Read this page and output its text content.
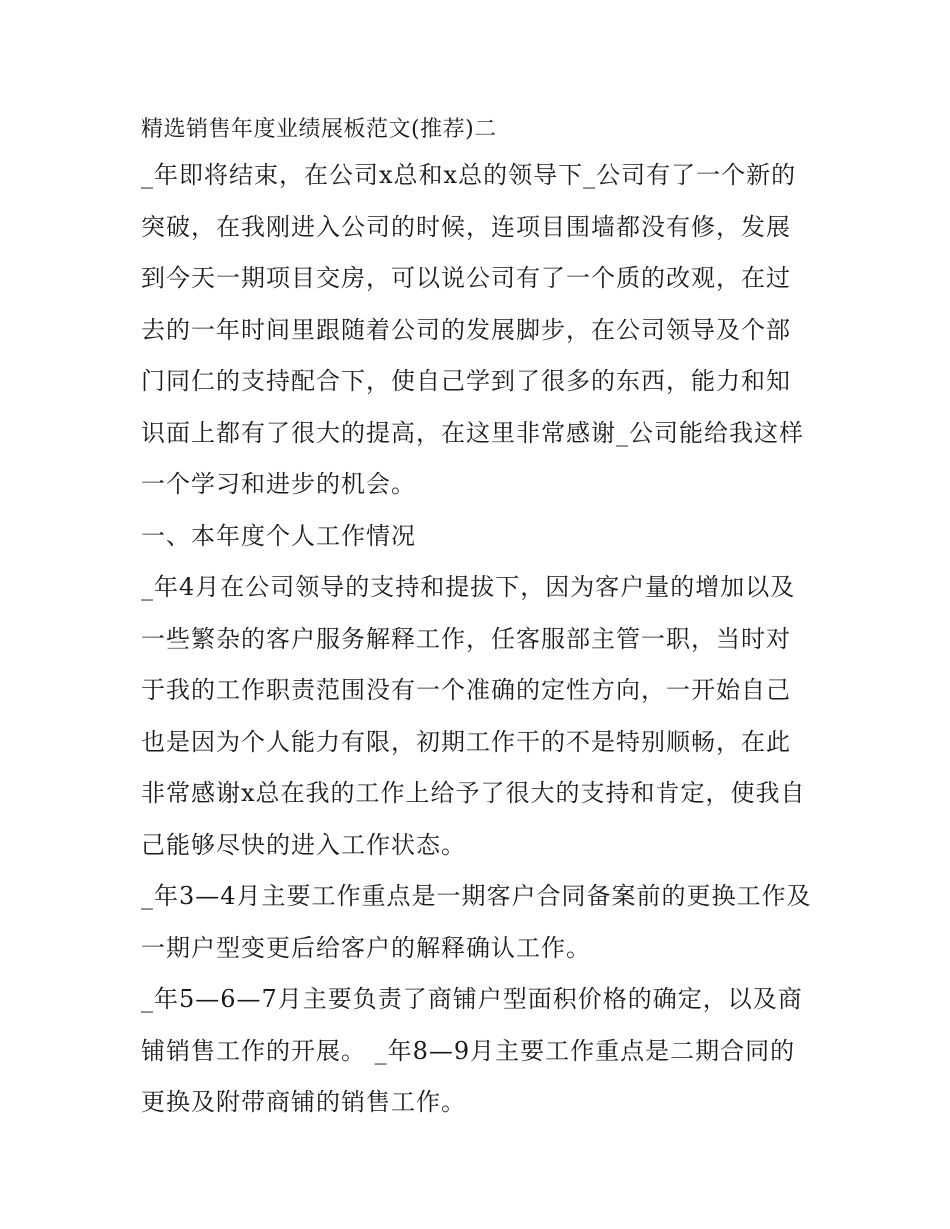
精选销售年度业绩展板范文(推荐)二

_年即将结束，在公司x总和x总的领导下_公司有了一个新的突破，在我刚进入公司的时候，连项目围墙都没有修，发展到今天一期项目交房，可以说公司有了一个质的改观，在过去的一年时间里跟随着公司的发展脚步，在公司领导及个部门同仁的支持配合下，使自己学到了很多的东西，能力和知识面上都有了很大的提高，在这里非常感谢_公司能给我这样一个学习和进步的机会。

一、本年度个人工作情况

_年4月在公司领导的支持和提拔下，因为客户量的增加以及一些繁杂的客户服务解释工作，任客服部主管一职，当时对于我的工作职责范围没有一个准确的定性方向，一开始自己也是因为个人能力有限，初期工作干的不是特别顺畅，在此非常感谢x总在我的工作上给予了很大的支持和肯定，使我自己能够尽快的进入工作状态。

_年3—4月主要工作重点是一期客户合同备案前的更换工作及一期户型变更后给客户的解释确认工作。

_年5—6—7月主要负责了商铺户型面积价格的确定，以及商铺销售工作的开展。 _年8—9月主要工作重点是二期合同的更换及附带商铺的销售工作。
